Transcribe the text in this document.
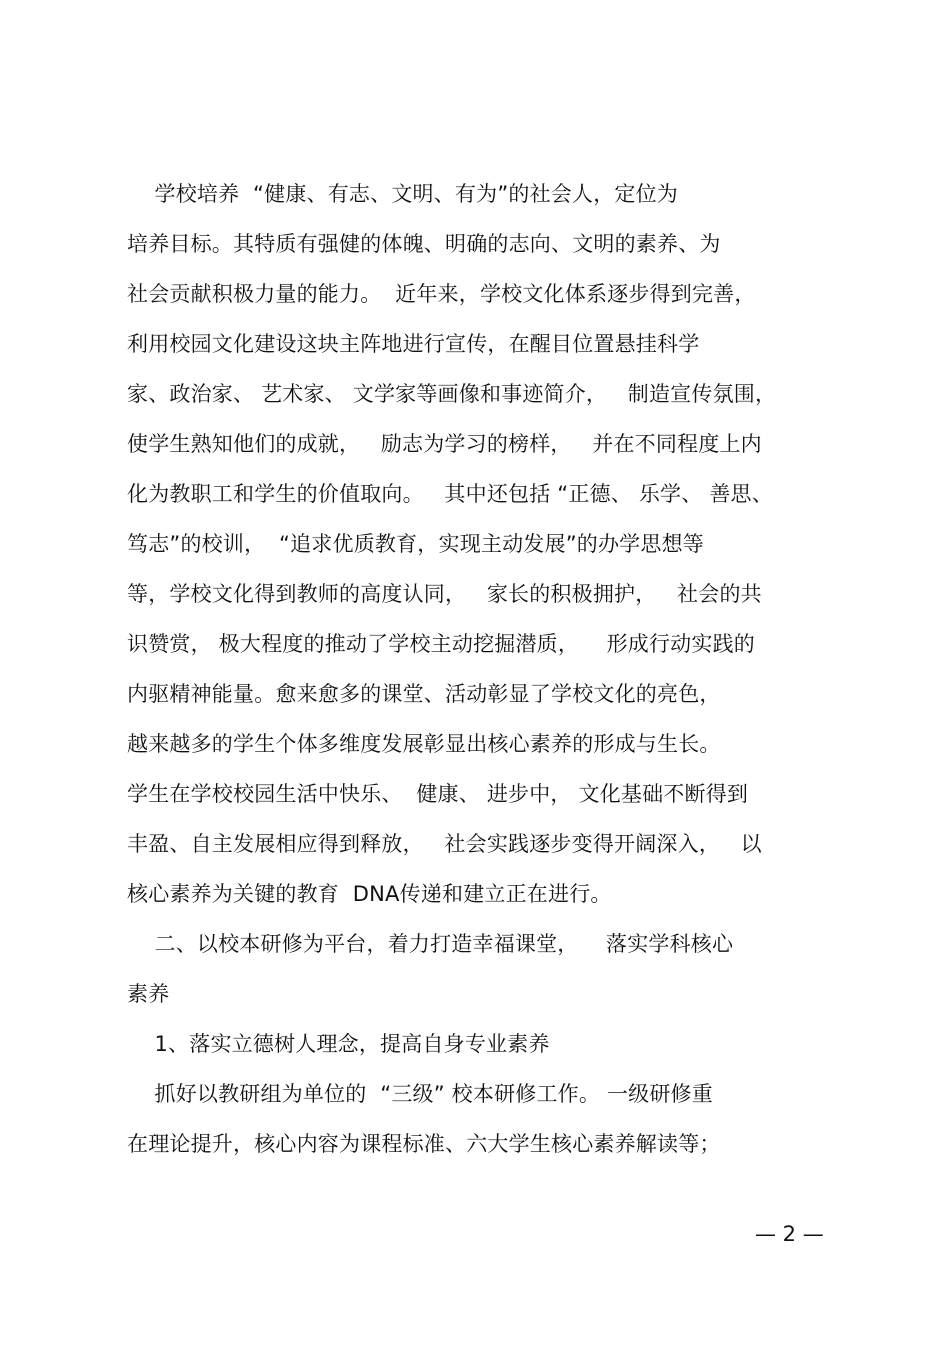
学校培养  “健康、有志、文明、有为”的社会人，定位为
培养目标。其特质有强健的体魄、明确的志向、文明的素养、为
社会贡献积极力量的能力。  近年来，学校文化体系逐步得到完善，
利用校园文化建设这块主阵地进行宣传，在醒目位置悬挂科学
家、政治家、 艺术家、 文学家等画像和事迹简介，   制造宣传氛围，
使学生熟知他们的成就，   励志为学习的榜样，   并在不同程度上内
化为教职工和学生的价值取向。   其中还包括 “正德、 乐学、 善思、
笃志”的校训，  “追求优质教育，实现主动发展”的办学思想等
等，学校文化得到教师的高度认同，   家长的积极拥护，   社会的共
识赞赏， 极大程度的推动了学校主动挖掘潜质，    形成行动实践的
内驱精神能量。愈来愈多的课堂、活动彰显了学校文化的亮色，
越来越多的学生个体多维度发展彰显出核心素养的形成与生长。
学生在学校校园生活中快乐、  健康、 进步中， 文化基础不断得到
丰盈、自主发展相应得到释放，   社会实践逐步变得开阔深入，   以
核心素养为关键的教育  DNA传递和建立正在进行。
二、以校本研修为平台，着力打造幸福课堂，    落实学科核心
素养
1、落实立德树人理念，提高自身专业素养
抓好以教研组为单位的  “三级” 校本研修工作。 一级研修重
在理论提升，核心内容为课程标准、六大学生核心素养解读等；
— 2 —
